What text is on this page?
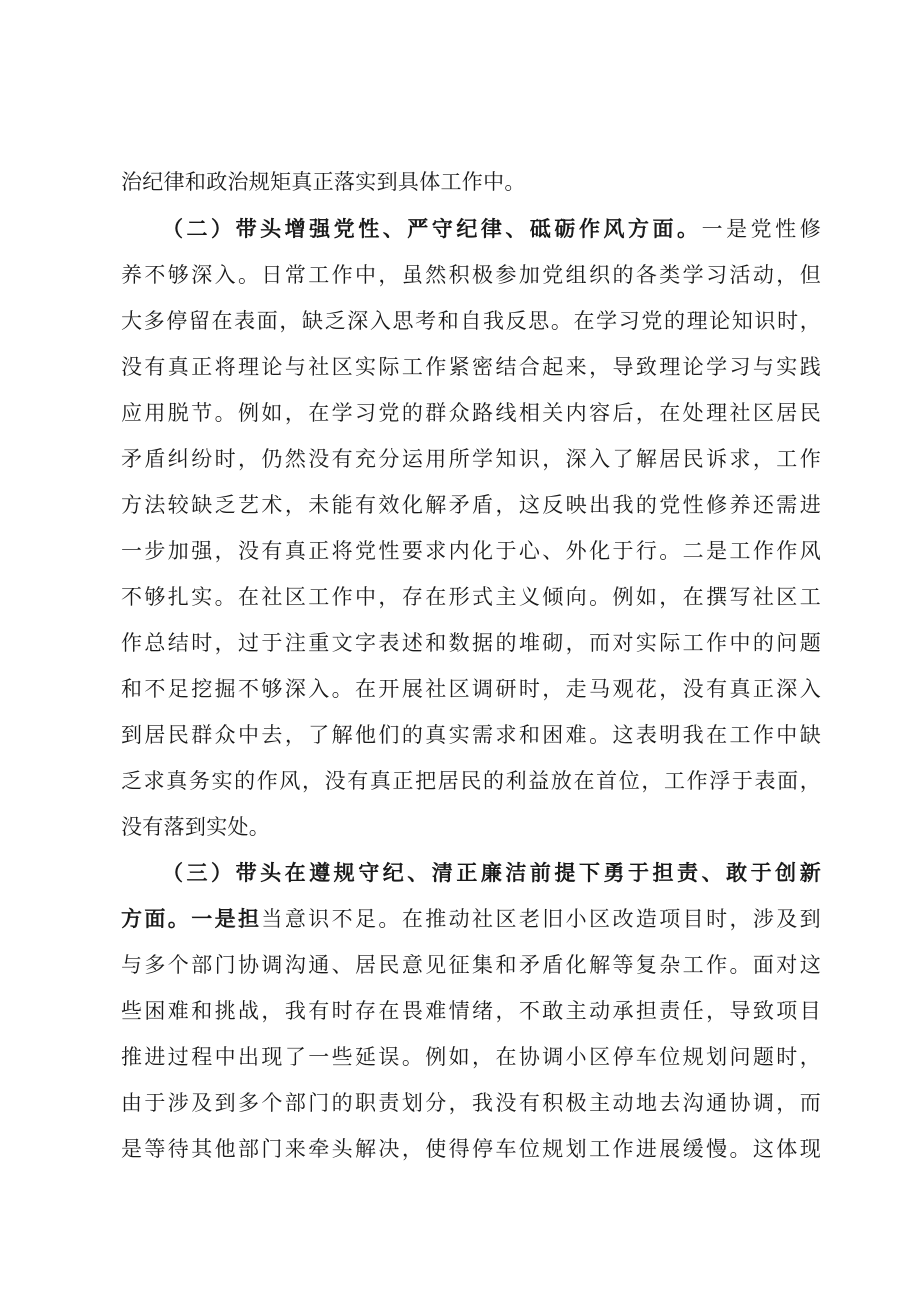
治纪律和政治规矩真正落实到具体工作中。
（二）带头增强党性、严守纪律、砥砺作风方面。一是党性修
养不够深入。日常工作中，虽然积极参加党组织的各类学习活动，但
大多停留在表面，缺乏深入思考和自我反思。在学习党的理论知识时，
没有真正将理论与社区实际工作紧密结合起来，导致理论学习与实践
应用脱节。例如，在学习党的群众路线相关内容后，在处理社区居民
矛盾纠纷时，仍然没有充分运用所学知识，深入了解居民诉求，工作
方法较缺乏艺术，未能有效化解矛盾，这反映出我的党性修养还需进
一步加强，没有真正将党性要求内化于心、外化于行。二是工作作风
不够扎实。在社区工作中，存在形式主义倾向。例如，在撰写社区工
作总结时，过于注重文字表述和数据的堆砌，而对实际工作中的问题
和不足挖掘不够深入。在开展社区调研时，走马观花，没有真正深入
到居民群众中去，了解他们的真实需求和困难。这表明我在工作中缺
乏求真务实的作风，没有真正把居民的利益放在首位，工作浮于表面，
没有落到实处。
（三）带头在遵规守纪、清正廉洁前提下勇于担责、敢于创新
方面。一是担当意识不足。在推动社区老旧小区改造项目时，涉及到
与多个部门协调沟通、居民意见征集和矛盾化解等复杂工作。面对这
些困难和挑战，我有时存在畏难情绪，不敢主动承担责任，导致项目
推进过程中出现了一些延误。例如，在协调小区停车位规划问题时，
由于涉及到多个部门的职责划分，我没有积极主动地去沟通协调，而
是等待其他部门来牵头解决，使得停车位规划工作进展缓慢。这体现
